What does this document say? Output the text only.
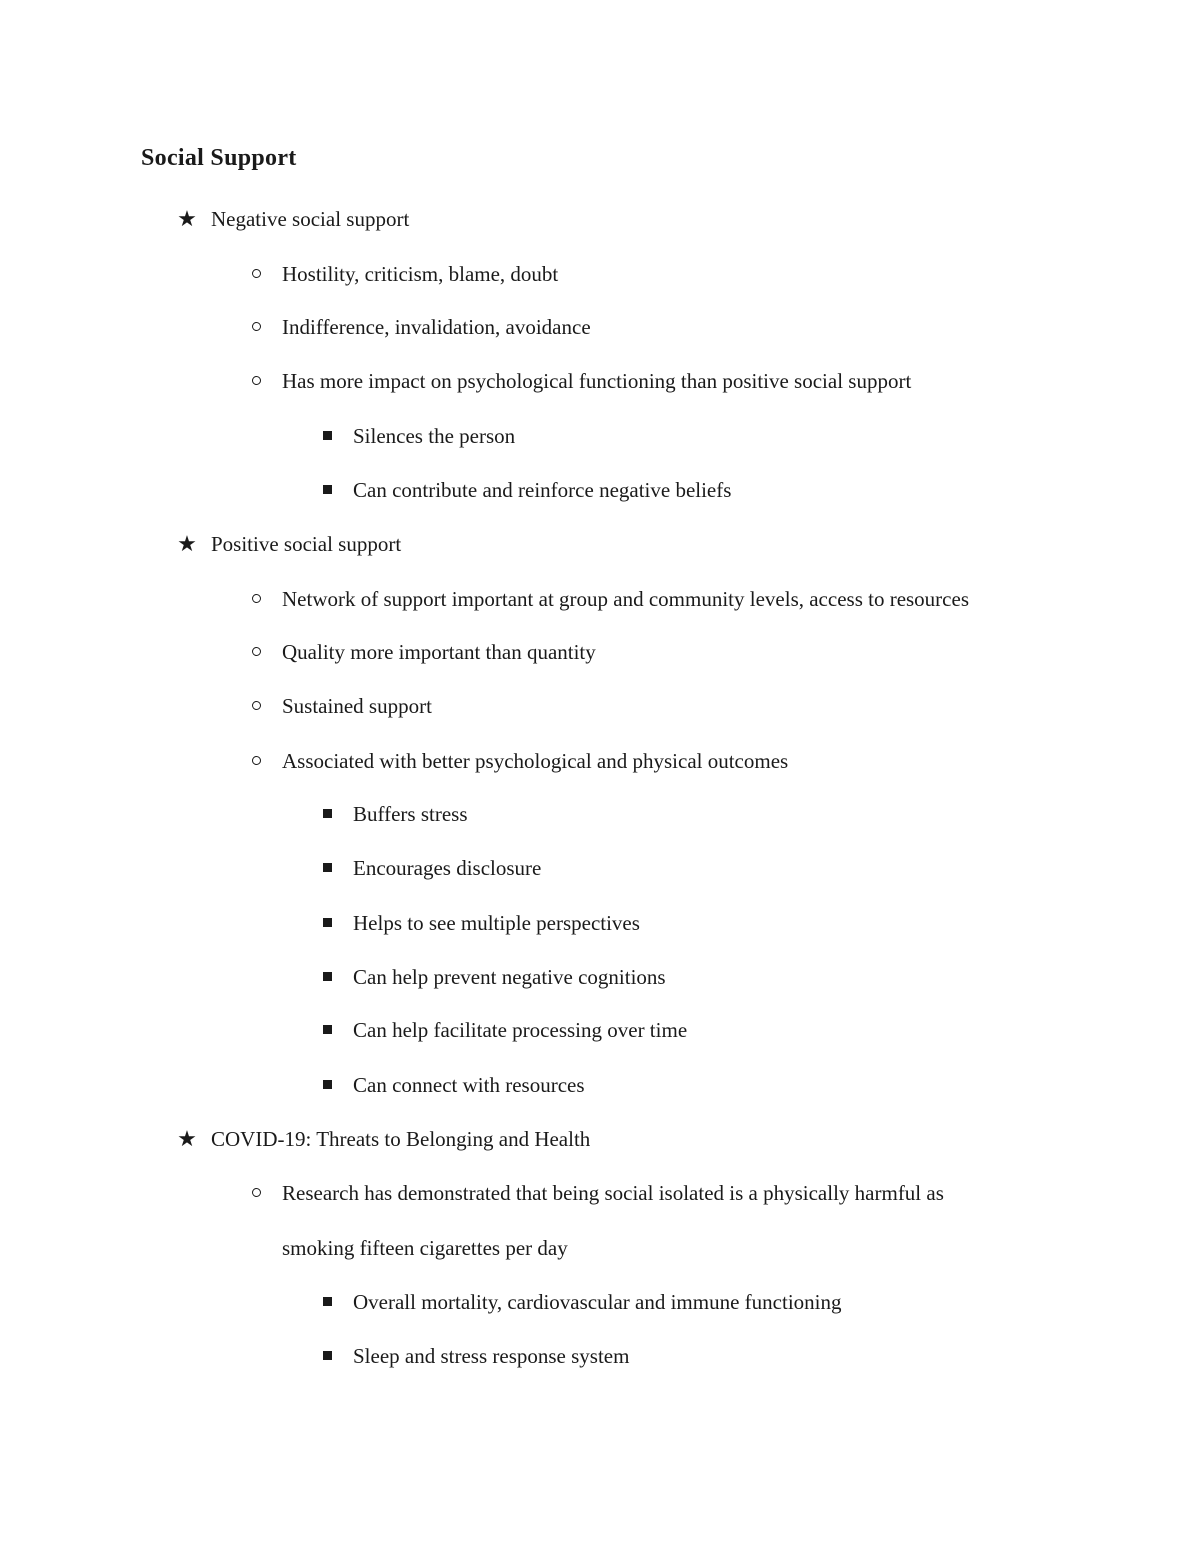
Social Support
★ Negative social support
Hostility, criticism, blame, doubt
Indifference, invalidation, avoidance
Has more impact on psychological functioning than positive social support
Silences the person
Can contribute and reinforce negative beliefs
★ Positive social support
Network of support important at group and community levels, access to resources
Quality more important than quantity
Sustained support
Associated with better psychological and physical outcomes
Buffers stress
Encourages disclosure
Helps to see multiple perspectives
Can help prevent negative cognitions
Can help facilitate processing over time
Can connect with resources
★ COVID-19: Threats to Belonging and Health
Research has demonstrated that being social isolated is a physically harmful as
smoking fifteen cigarettes per day
Overall mortality, cardiovascular and immune functioning
Sleep and stress response system
